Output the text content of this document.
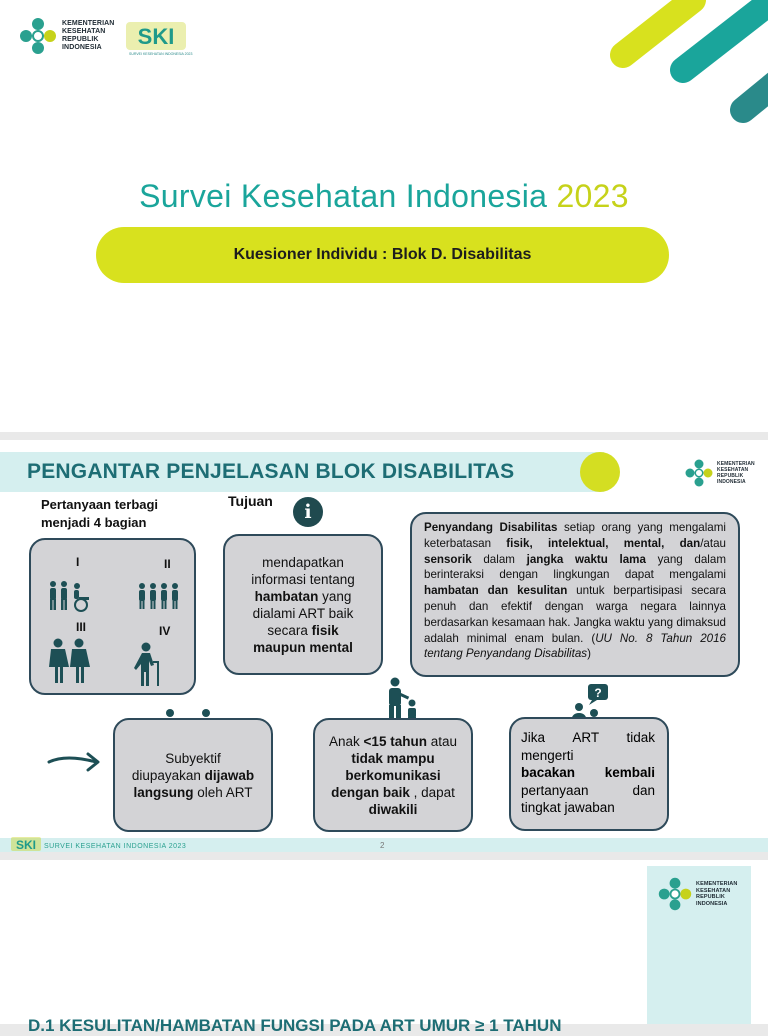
KEMENTERIAN
KESEHATAN
REPUBLIK
INDONESIA	SKI
SURVEI KESEHATAN INDONESIA 2023
Survei Kesehatan Indonesia 2023
Kuesioner Individu : Blok D. Disabilitas
PENGANTAR PENJELASAN BLOK DISABILITAS	KEMENTERIAN
KESEHATAN
REPUBLIK
INDONESIA
Pertanyaan terbagi
menjadi 4 bagian
I	II
III	IV
Tujuan	i

mendapatkan
informasi tentang
hambatan yang
dialami ART baik
secara fisik
maupun mental

Penyandang Disabilitas setiap orang yang mengalami keterbatasan fisik, intelektual, mental, dan/atau sensorik dalam jangka waktu lama yang dalam berinteraksi dengan lingkungan dapat mengalami hambatan dan kesulitan untuk berpartisipasi secara penuh dan efektif dengan warga negara lainnya berdasarkan kesamaan hak. Jangka waktu yang dimaksud adalah minimal enam bulan. (UU No. 8 Tahun 2016 tentang Penyandang Disabilitas)

Subyektif
diupayakan dijawab
langsung oleh ART

Anak <15 tahun atau
tidak mampu
berkomunikasi
dengan baik , dapat
diwakili

?
Jika ART tidak
mengerti
bacakan kembali
pertanyaan	dan
tingkat jawaban
SKI SURVEI KESEHATAN INDONESIA 2023	2
KEMENTERIAN
KESEHATAN
REPUBLIK
INDONESIA
D.1 KESULITAN/HAMBATAN FUNGSI PADA ART UMUR ≥ 1 TAHUN
